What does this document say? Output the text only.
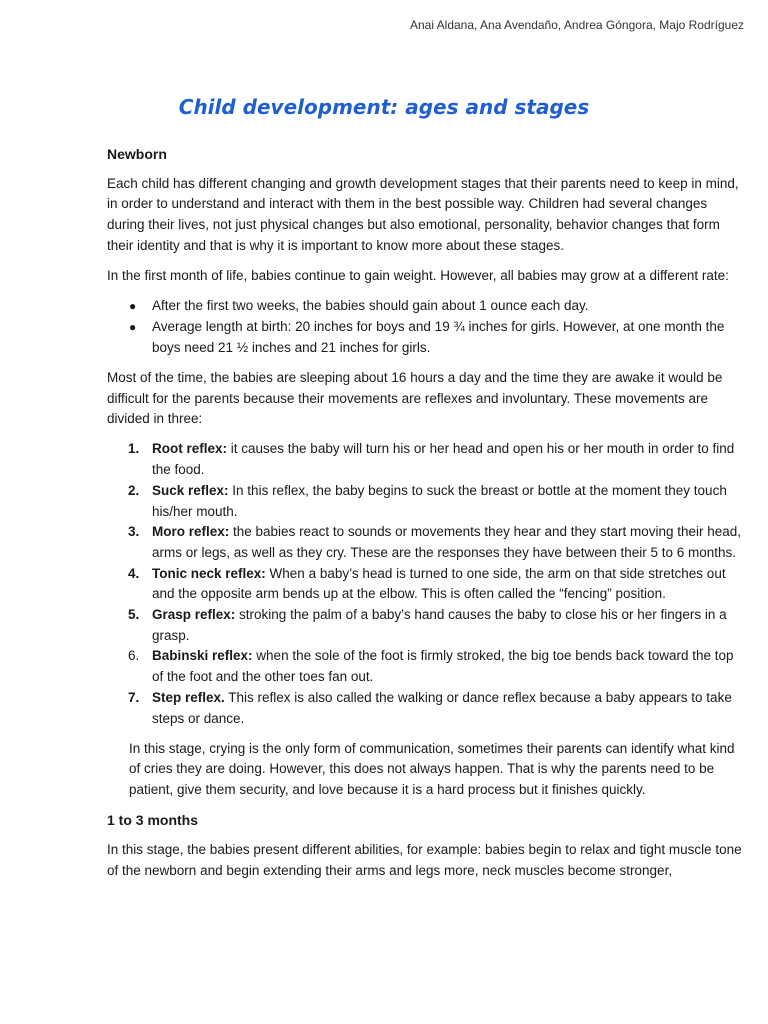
Anai Aldana, Ana Avendaño, Andrea Góngora, Majo Rodríguez
Child development: ages and stages
Newborn

Each child has different changing and growth development stages that their parents need to keep in mind, in order to understand and interact with them in the best possible way. Children had several changes during their lives, not just physical changes but also emotional, personality, behavior changes that form their identity and that is why it is important to know more about these stages.

In the first month of life, babies continue to gain weight. However, all babies may grow at a different rate:

● After the first two weeks, the babies should gain about 1 ounce each day.
● Average length at birth: 20 inches for boys and 19 ¾ inches for girls. However, at one month the boys need 21 ½ inches and 21 inches for girls.

Most of the time, the babies are sleeping about 16 hours a day and the time they are awake it would be difficult for the parents because their movements are reflexes and involuntary. These movements are divided in three:

1. Root reflex: it causes the baby will turn his or her head and open his or her mouth in order to find the food.
2. Suck reflex: In this reflex, the baby begins to suck the breast or bottle at the moment they touch his/her mouth.
3. Moro reflex: the babies react to sounds or movements they hear and they start moving their head, arms or legs, as well as they cry. These are the responses they have between their 5 to 6 months.
4. Tonic neck reflex: When a baby’s head is turned to one side, the arm on that side stretches out and the opposite arm bends up at the elbow. This is often called the “fencing” position.
5. Grasp reflex: stroking the palm of a baby’s hand causes the baby to close his or her fingers in a grasp.
6. Babinski reflex: when the sole of the foot is firmly stroked, the big toe bends back toward the top of the foot and the other toes fan out.
7. Step reflex. This reflex is also called the walking or dance reflex because a baby appears to take steps or dance.

In this stage, crying is the only form of communication, sometimes their parents can identify what kind of cries they are doing. However, this does not always happen. That is why the parents need to be patient, give them security, and love because it is a hard process but it finishes quickly.

1 to 3 months

In this stage, the babies present different abilities, for example: babies begin to relax and tight muscle tone of the newborn and begin extending their arms and legs more, neck muscles become stronger,
